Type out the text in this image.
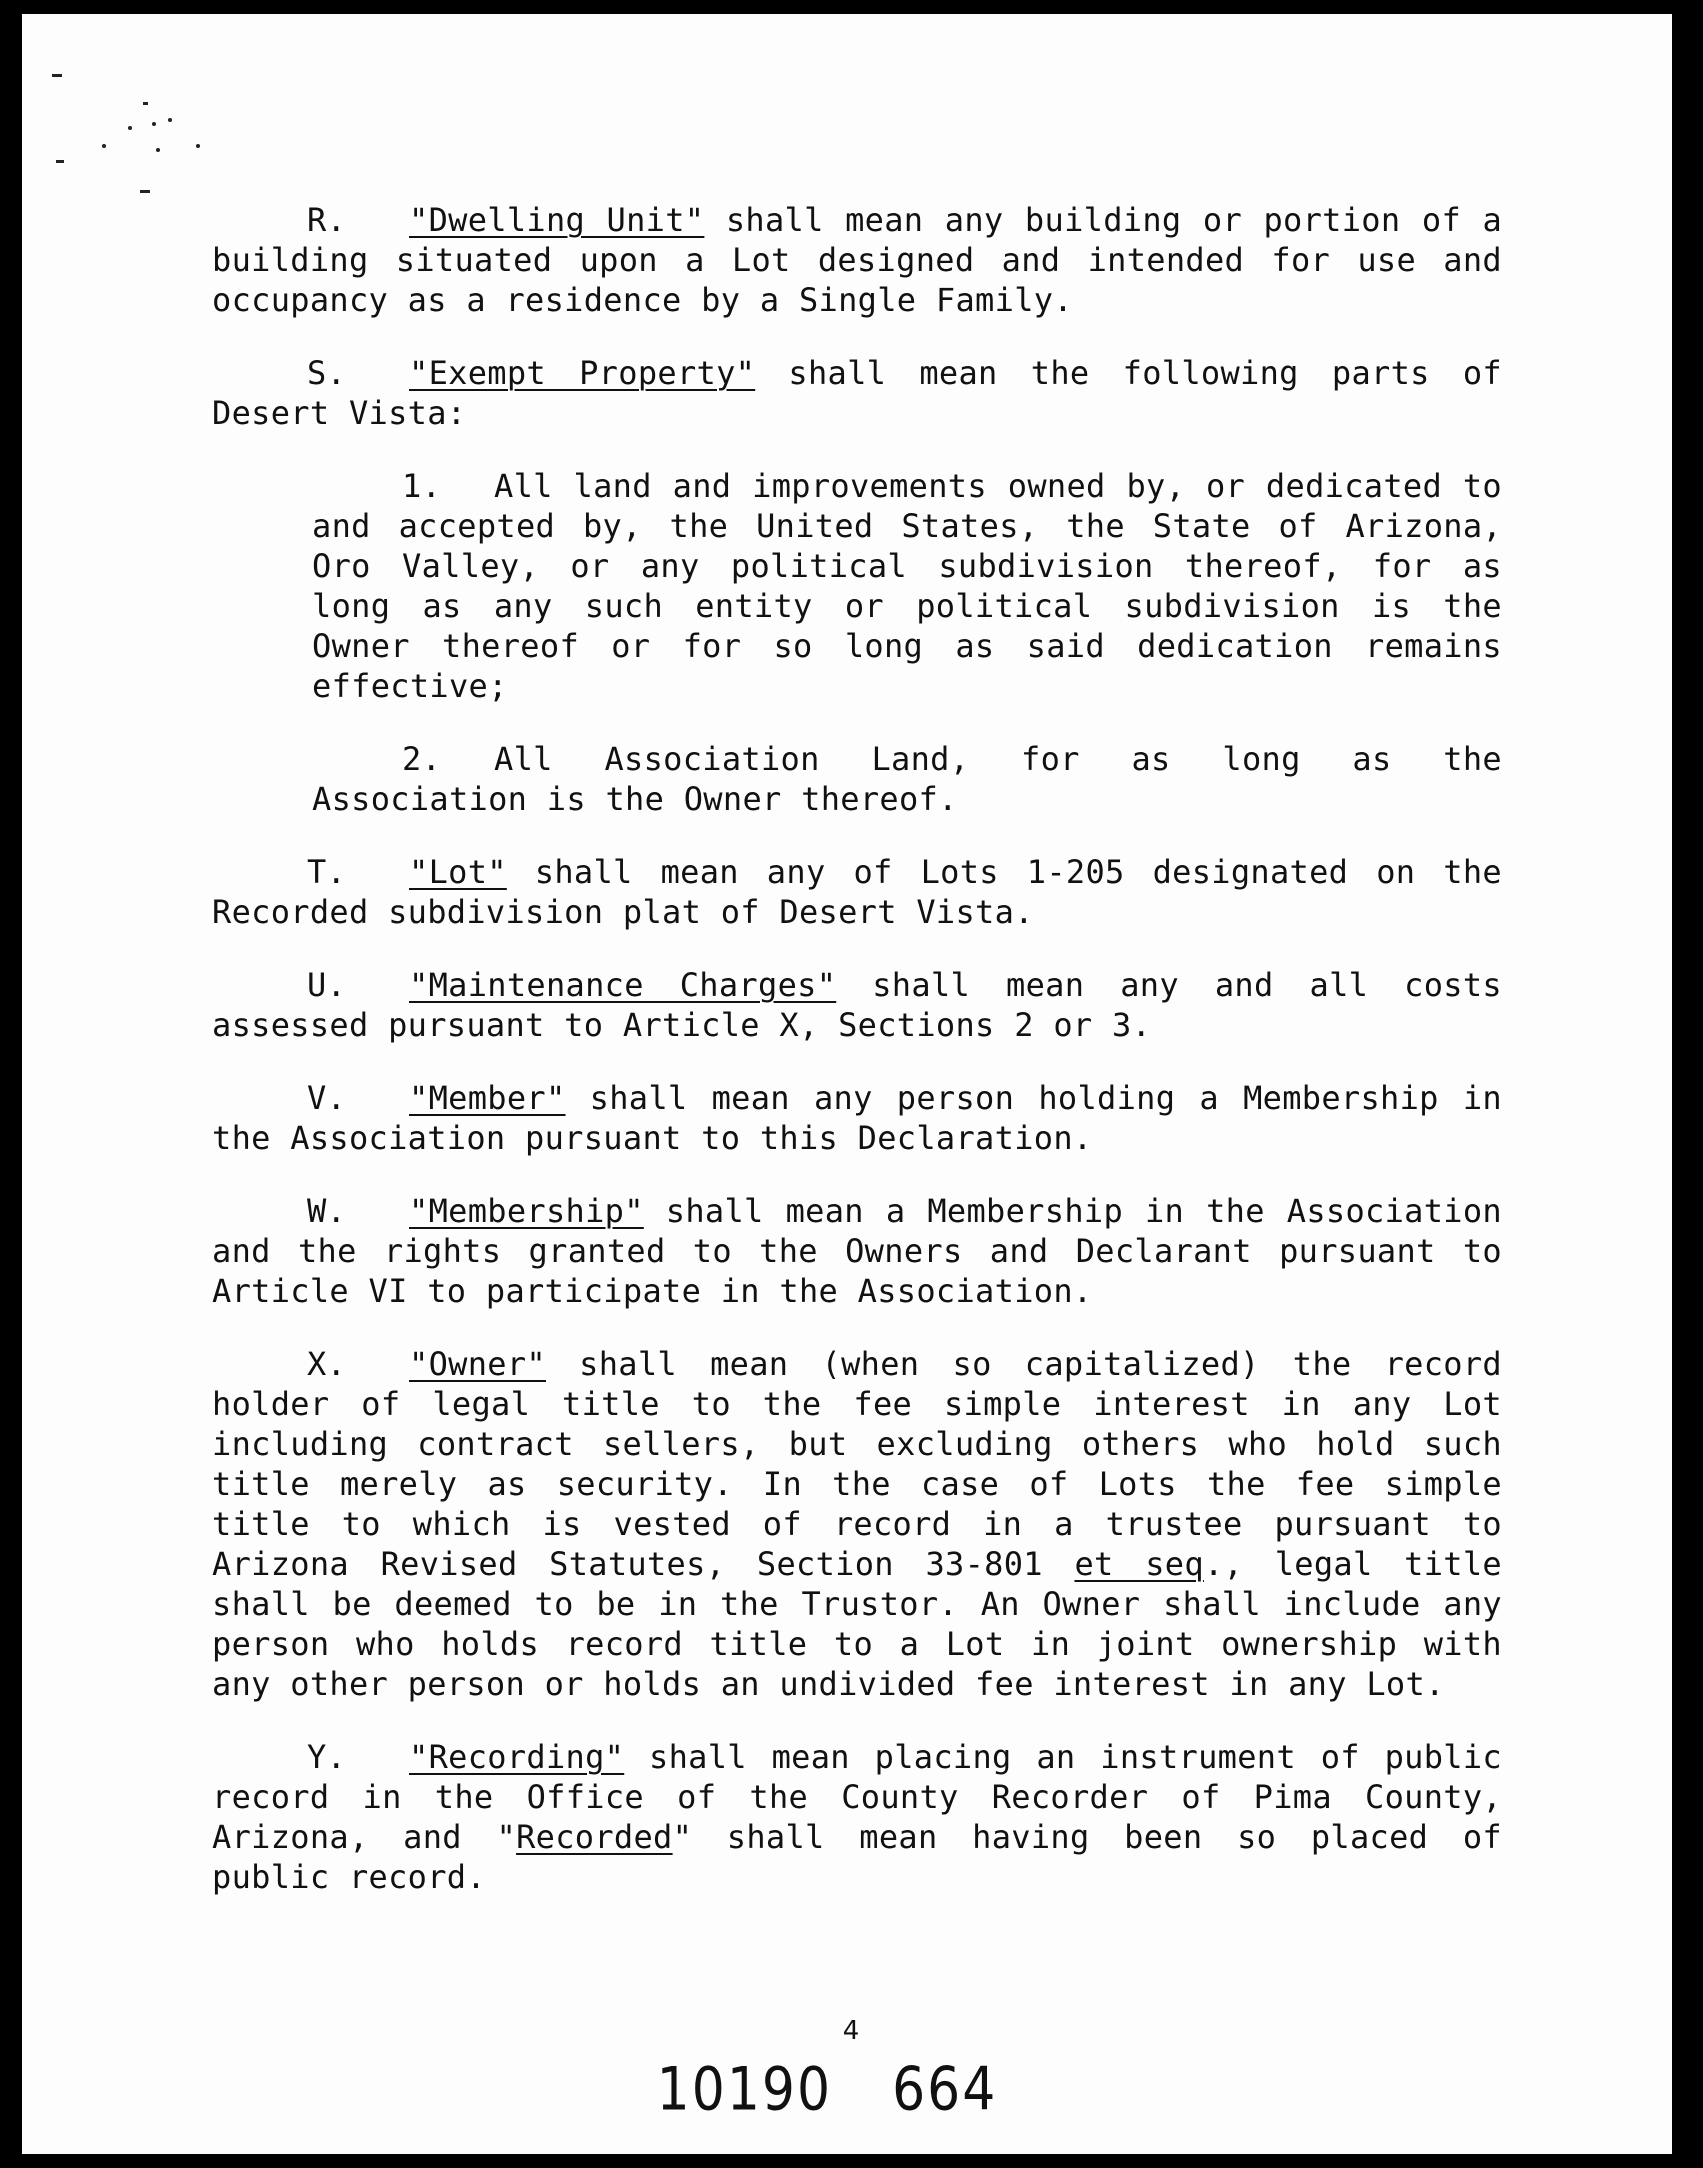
R. "Dwelling Unit" shall mean any building or portion of a building situated upon a Lot designed and intended for use and occupancy as a residence by a Single Family.

S. "Exempt Property" shall mean the following parts of Desert Vista:

1. All land and improvements owned by, or dedicated to and accepted by, the United States, the State of Arizona, Oro Valley, or any political subdivision thereof, for as long as any such entity or political subdivision is the Owner thereof or for so long as said dedication remains effective;

2. All Association Land, for as long as the Association is the Owner thereof.

T. "Lot" shall mean any of Lots 1-205 designated on the Recorded subdivision plat of Desert Vista.

U. "Maintenance Charges" shall mean any and all costs assessed pursuant to Article X, Sections 2 or 3.

V. "Member" shall mean any person holding a Membership in the Association pursuant to this Declaration.

W. "Membership" shall mean a Membership in the Association and the rights granted to the Owners and Declarant pursuant to Article VI to participate in the Association.

X. "Owner" shall mean (when so capitalized) the record holder of legal title to the fee simple interest in any Lot including contract sellers, but excluding others who hold such title merely as security. In the case of Lots the fee simple title to which is vested of record in a trustee pursuant to Arizona Revised Statutes, Section 33-801 et seq., legal title shall be deemed to be in the Trustor. An Owner shall include any person who holds record title to a Lot in joint ownership with any other person or holds an undivided fee interest in any Lot.

Y. "Recording" shall mean placing an instrument of public record in the Office of the County Recorder of Pima County, Arizona, and "Recorded" shall mean having been so placed of public record.

4
10190 664
